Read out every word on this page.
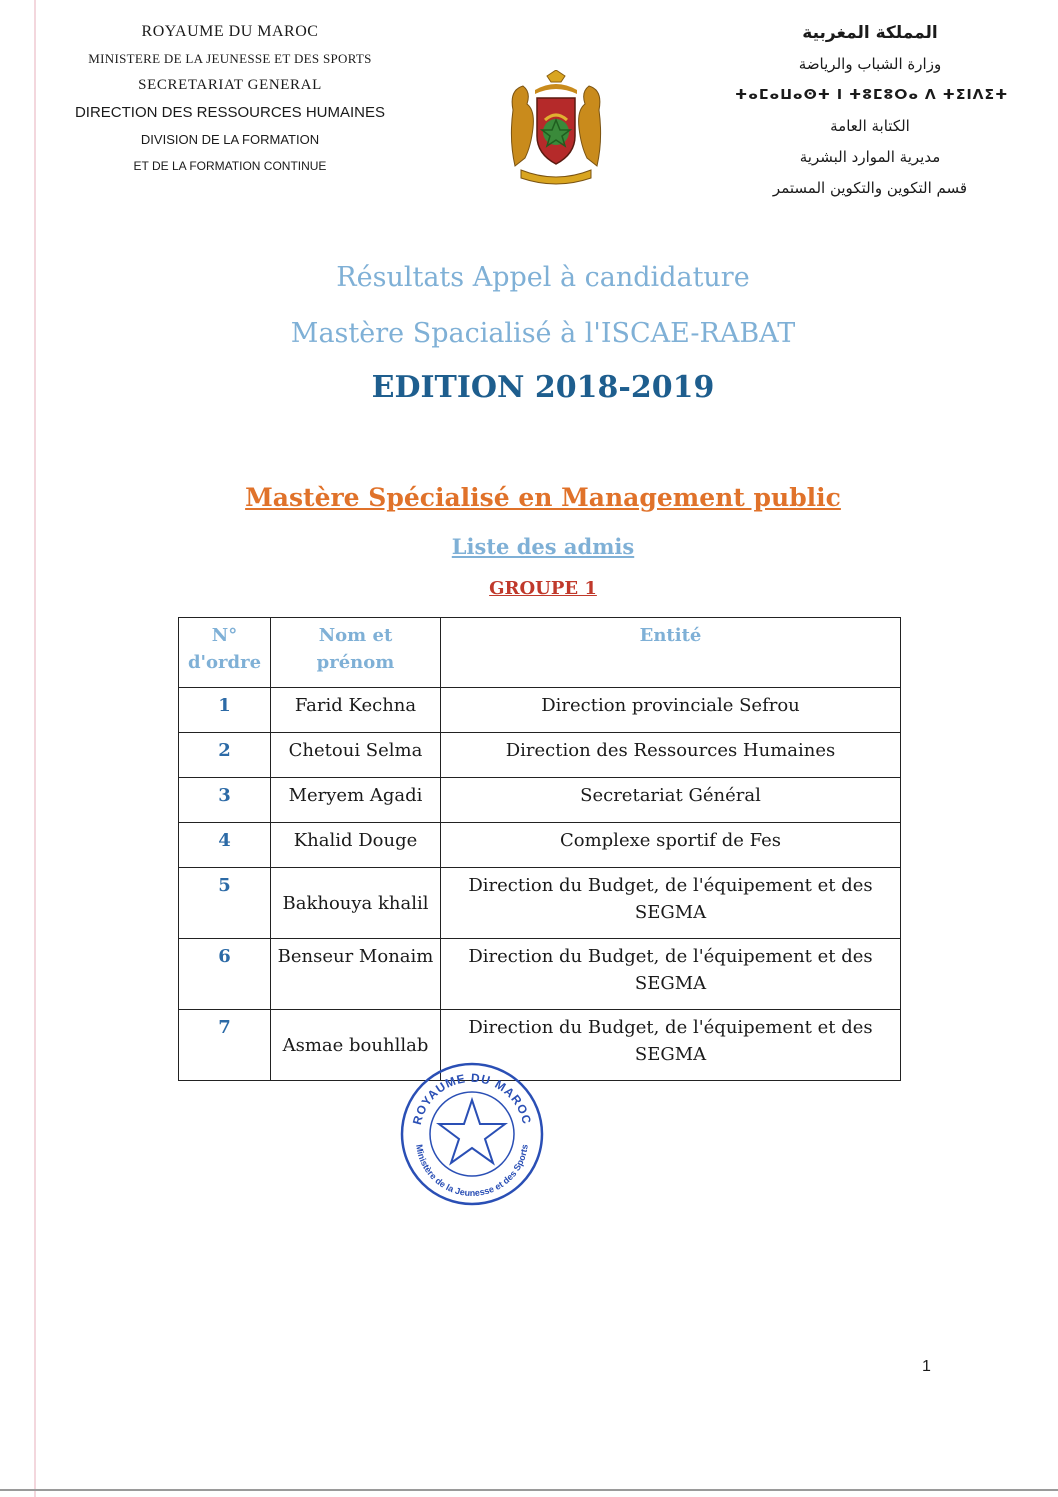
ROYAUME DU MAROC
MINISTERE DE LA JEUNESSE ET DES SPORTS
SECRETARIAT GENERAL
DIRECTION DES RESSOURCES HUMAINES
DIVISION DE LA FORMATION
ET DE LA FORMATION CONTINUE
المملكة المغربية
وزارة الشباب والرياضة
ⵜⴰⵎⴰⵡⴰⵙⵜ ⵏ ⵜⵓⵎⵓⵔⴰ ⴷ ⵜⵉⵏⴷⵉⵜ
الكتابة العامة
مديرية الموارد البشرية
قسم التكوين والتكوين المستمر
Résultats Appel à candidature
Mastère Spacialisé à l'ISCAE-RABAT
EDITION 2018-2019
Mastère Spécialisé en Management public
Liste des admis
GROUPE 1
N° d'ordre	Nom et prénom	Entité
1	Farid Kechna	Direction provinciale Sefrou
2	Chetoui Selma	Direction des Ressources Humaines
3	Meryem Agadi	Secretariat Général
4	Khalid Douge	Complexe sportif de Fes
5	Bakhouya khalil	Direction du Budget, de l'équipement et des SEGMA
6	Benseur Monaim	Direction du Budget, de l'équipement et des SEGMA
7	Asmae bouhllab	Direction du Budget, de l'équipement et des SEGMA
ROYAUME DU MAROC
Ministère de la Jeunesse et des Sports
1
